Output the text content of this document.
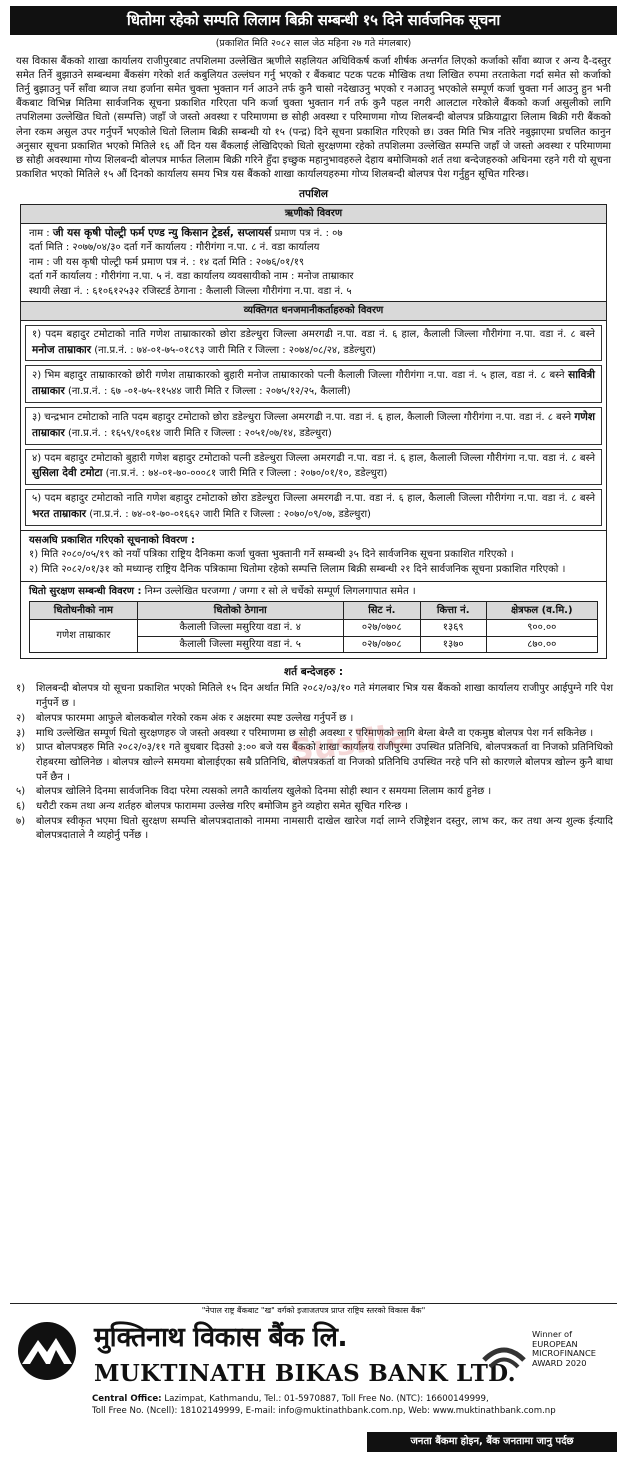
धितोमा रहेको सम्पति लिलाम बिक्री सम्बन्धी १५ दिने सार्वजनिक सूचना
(प्रकाशित मिति २०८२ साल जेठ महिना २७ गते मंगलबार)
यस विकास बैंकको शाखा कार्यालय राजीपुरबाट तपशिलमा उल्लेखित ऋणीले सहलियत अधिविकर्ष कर्जा शीर्षक अन्तर्गत लिएको कर्जाको साँवा ब्याज र अन्य दै-दस्तुर समेत तिर्ने बुझाउने सम्बन्धमा बैंकसंग गरेको शर्त कबुलियत उल्लंघन गर्नु भएको र बैंकबाट पटक पटक मौखिक तथा लिखित रुपमा तरताकेता गर्दा समेत सो कर्जाको तिर्नु बुझाउनु पर्ने साँवा ब्याज तथा हर्जाना समेत चुक्ता भुक्तान गर्न आउने तर्फ कुनै चासो नदेखाउनु भएको र नआउनु भएकोले सम्पूर्ण कर्जा चुक्ता गर्न आउनु हुन भनी बैंकबाट विभिन्न मितिमा सार्वजनिक सूचना प्रकाशित गरिएता पनि कर्जा चुक्ता भुक्तान गर्न तर्फ कुनै पहल नगरी आलटाल गरेकोले बैंकको कर्जा असुलीको लागि तपशिलमा उल्लेखित धितो (सम्पत्ति) जहाँ जे जस्तो अवस्था र परिमाणमा छ सोही अवस्था र परिमाणमा गोप्य शिलबन्दी बोलपत्र प्रक्रियाद्वारा लिलाम बिक्री गरी बैंकको लेना रकम असुल उपर गर्नुपर्ने भएकोले धितो लिलाम बिक्री सम्बन्धी यो १५ (पन्द्र) दिने सूचना प्रकाशित गरिएको छ। उक्त मिति भित्र नतिरे नबुझाएमा प्रचलित कानुन अनुसार सूचना प्रकाशित भएको मितिले १६ औं दिन यस बैंकलाई लेखिदिएको धितो सुरक्षणमा रहेको तपशिलमा उल्लेखित सम्पत्ति जहाँ जे जस्तो अवस्था र परिमाणमा छ सोही अवस्थामा गोप्य शिलबन्दी बोलपत्र मार्फत लिलाम बिक्री गरिने हुँदा इच्छुक महानुभावहरुले देहाय बमोजिमको शर्त तथा बन्देजहरुको अधिनमा रहने गरी यो सूचना प्रकाशित भएको मितिले १५ औं दिनको कार्यालय समय भित्र यस बैंकको शाखा कार्यालयहरुमा गोप्य शिलबन्दी बोलपत्र पेश गर्नुहुन सूचित गरिन्छ।
तपशिल
ऋणीको विवरण
नाम : जी यस कृषी पोल्ट्री फर्म एण्ड न्यु किसान ट्रेडर्स, सप्लायर्स प्रमाण पत्र नं. : ०७
दर्ता मिति : २०७७/०४/३० दर्ता गर्ने कार्यालय : गौरीगंगा न.पा. ८ नं. वडा कार्यालय
नाम : जी यस कृषी पोल्ट्री फर्म प्रमाण पत्र नं. : १४ दर्ता मिति : २०७६/०१/१९
दर्ता गर्ने कार्यालय : गौरीगंगा न.पा. ५ नं. वडा कार्यालय व्यवसायीको नाम : मनोज ताम्राकार
स्थायी लेखा नं. : ६१०६१२५३२ रजिस्टर्ड ठेगाना : कैलाली जिल्ला गौरीगंगा न.पा. वडा नं. ५
व्यक्तिगत धनजमानीकर्ताहरुको विवरण
१) पदम बहादुर टमोटाको नाति गणेश ताम्राकारको छोरा डडेल्धुरा जिल्ला अमरगढी न.पा. वडा नं. ६ हाल, कैलाली जिल्ला गौरीगंगा न.पा. वडा नं. ८ बस्ने मनोज ताम्राकार (ना.प्र.नं. : ७४-०१-७५-०१८९३ जारी मिति र जिल्ला : २०७४/०८/२४, डडेल्धुरा)
२) भिम बहादुर ताम्राकारको छोरी गणेश ताम्राकारको बुहारी मनोज ताम्राकारको पत्नी कैलाली जिल्ला गौरीगंगा न.पा. वडा नं. ५ हाल, वडा नं. ८ बस्ने सावित्री ताम्राकार (ना.प्र.नं. : ६७ -०१-७५-११५४४ जारी मिति र जिल्ला : २०७५/१२/२५, कैलाली)
३) चन्द्रभान टमोटाको नाति पदम बहादुर टमोटाको छोरा डडेल्धुरा जिल्ला अमरगढी न.पा. वडा नं. ६ हाल, कैलाली जिल्ला गौरीगंगा न.पा. वडा नं. ८ बस्ने गणेश ताम्राकार (ना.प्र.नं. : १६५९/१०६१४ जारी मिति र जिल्ला : २०५१/०७/१४, डडेल्धुरा)
४) पदम बहादुर टमोटाको बुहारी गणेश बहादुर टमोटाको पत्नी डडेल्धुरा जिल्ला अमरगढी न.पा. वडा नं. ६ हाल, कैलाली जिल्ला गौरीगंगा न.पा. वडा नं. ८ बस्ने सुसिला देवी टमोटा (ना.प्र.नं. : ७४-०१-७०-०००८१ जारी मिति र जिल्ला : २०७०/०१/१०, डडेल्धुरा)
५) पदम बहादुर टमोटाको नाति गणेश बहादुर टमोटाको छोरा डडेल्धुरा जिल्ला अमरगढी न.पा. वडा नं. ६ हाल, कैलाली जिल्ला गौरीगंगा न.पा. वडा नं. ८ बस्ने भरत ताम्राकार (ना.प्र.नं. : ७४-०१-७०-०१६६२ जारी मिति र जिल्ला : २०७०/०९/०७, डडेल्धुरा)
यसअघि प्रकाशित गरिएको सूचनाको विवरण :
१) मिति २०८०/०५/१९ को नयाँ पत्रिका राष्ट्रिय दैनिकमा कर्जा चुक्ता भुक्तानी गर्ने सम्बन्धी ३५ दिने सार्वजनिक सूचना प्रकाशित गरिएको ।
२) मिति २०८२/०१/३१ को मध्यान्ह राष्ट्रिय दैनिक पत्रिकामा धितोमा रहेको सम्पत्ति लिलाम बिक्री सम्बन्धी २१ दिने सार्वजनिक सूचना प्रकाशित गरिएको ।
धितो सुरक्षण सम्बन्धी विवरण : निम्न उल्लेखित घरजग्गा / जग्गा र सो ले चर्चेको सम्पूर्ण लिगलगापात समेत ।
धितोधनीको नाम	धितोको ठेगाना	सिट नं.	कित्ता नं.	क्षेत्रफल (व.मि.)
गणेश ताम्राकार	कैलाली जिल्ला मसुरिया वडा नं. ४	०२७/०७०८	१३६९	९००.००
	कैलाली जिल्ला मसुरिया वडा नं. ५	०२७/०७०८	१३७०	८७०.००
Susilla
शर्त बन्देजहरु :
१)	शिलबन्दी बोलपत्र यो सूचना प्रकाशित भएको मितिले १५ दिन अर्थात मिति २०८२/०३/१० गते मंगलबार भित्र यस बैंकको शाखा कार्यालय राजीपुर आईपुग्ने गरि पेश गर्नुपर्ने छ ।
२)	बोलपत्र फारममा आफुले बोलकबोल गरेको रकम अंक र अक्षरमा स्पष्ट उल्लेख गर्नुपर्ने छ ।
३)	माथि उल्लेखित सम्पूर्ण धितो सुरक्षणहरु जे जस्तो अवस्था र परिमाणमा छ सोही अवस्था र परिमाणको लागि बेग्ला बेग्लै वा एकमुष्ठ बोलपत्र पेश गर्न सकिनेछ ।
४)	प्राप्त बोलपत्रहरु मिति २०८२/०३/११ गते बुधबार दिउसो ३:०० बजे यस बैंकको शाखा कार्यालय राजीपुरमा उपस्थित प्रतिनिधि, बोलपत्रकर्ता वा निजको प्रतिनिधिको रोहबरमा खोलिनेछ । बोलपत्र खोल्ने समयमा बोलाईएका सबै प्रतिनिधि, बोलपत्रकर्ता वा निजको प्रतिनिधि उपस्थित नरहे पनि सो कारणले बोलपत्र खोल्न कुनै बाधा पर्ने छैन ।
५)	बोलपत्र खोलिने दिनमा सार्वजनिक विदा परेमा त्यसको लगतै कार्यालय खुलेको दिनमा सोही स्थान र समयमा लिलाम कार्य हुनेछ ।
६)	धरौटी रकम तथा अन्य शर्तहरु बोलपत्र फाराममा उल्लेख गरिए बमोजिम हुने व्यहोरा समेत सूचित गरिन्छ ।
७)	बोलपत्र स्वीकृत भएमा धितो सुरक्षण सम्पत्ति बोलपत्रदाताको नाममा नामसारी दाखेल खारेज गर्दा लाग्ने रजिष्ट्रेशन दस्तुर, लाभ कर, कर तथा अन्य शुल्क ईत्यादि बोलपत्रदाताले नै व्यहोर्नु पर्नेछ ।
"नेपाल राष्ट्र बैंकबाट "ख" वर्गको इजाजतपत्र प्राप्त राष्ट्रिय स्तरको विकास बैंक"
मुक्तिनाथ विकास बैंक लि.
MUKTINATH BIKAS BANK LTD.
Winner of
EUROPEAN
MICROFINANCE
AWARD 2020
Central Office: Lazimpat, Kathmandu, Tel.: 01-5970887, Toll Free No. (NTC): 16600149999,
Toll Free No. (Ncell): 18102149999, E-mail: info@muktinathbank.com.np, Web: www.muktinathbank.com.np
जनता बैंकमा होइन, बैंक जनतामा जानु पर्दछ
